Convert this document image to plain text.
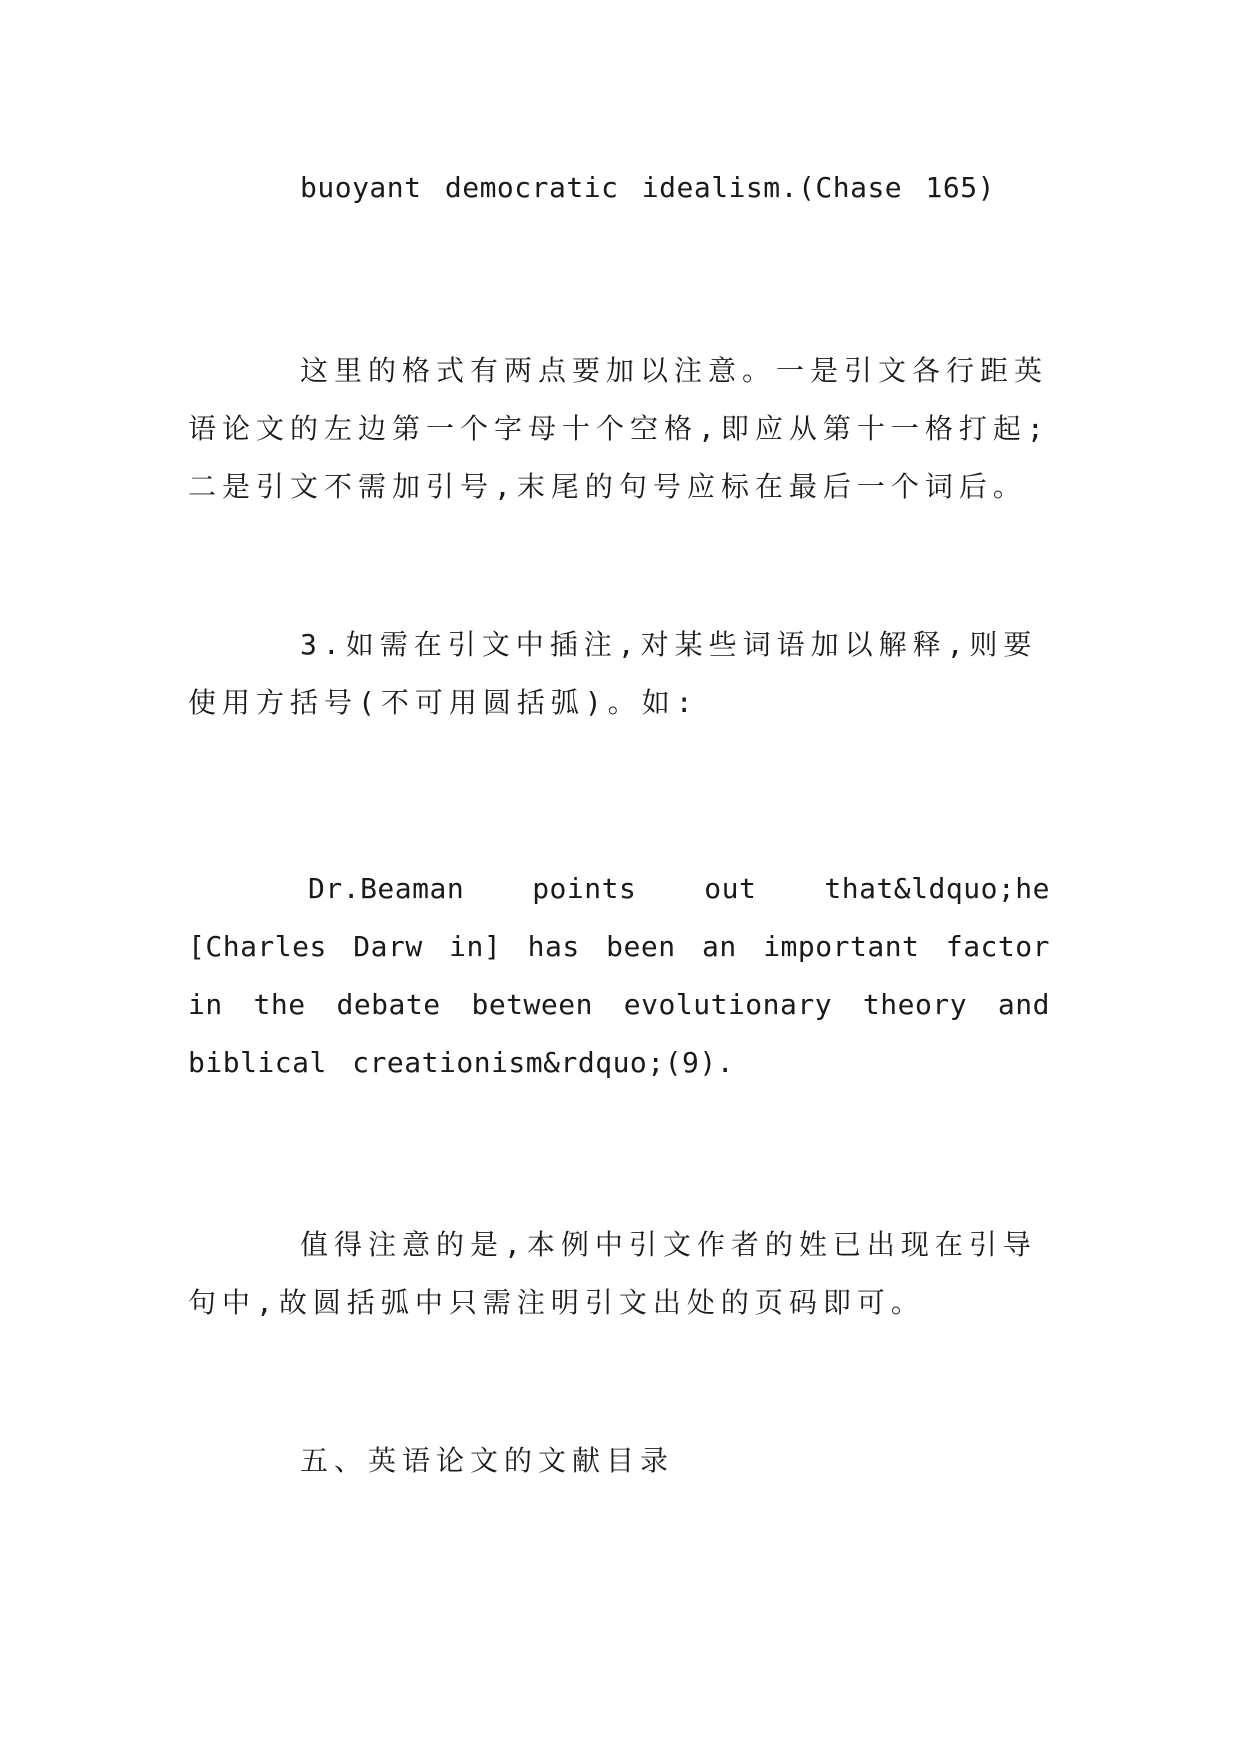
buoyant democratic idealism.(Chase 165)

这里的格式有两点要加以注意。一是引文各行距英语论文的左边第一个字母十个空格,即应从第十一格打起;二是引文不需加引号,末尾的句号应标在最后一个词后。

3.如需在引文中插注,对某些词语加以解释,则要使用方括号(不可用圆括弧)。如:

Dr.Beaman points out that&ldquo;he [Charles Darw in] has been an important factor in the debate between evolutionary theory and biblical creationism&rdquo;(9).

值得注意的是,本例中引文作者的姓已出现在引导句中,故圆括弧中只需注明引文出处的页码即可。

五、英语论文的文献目录
